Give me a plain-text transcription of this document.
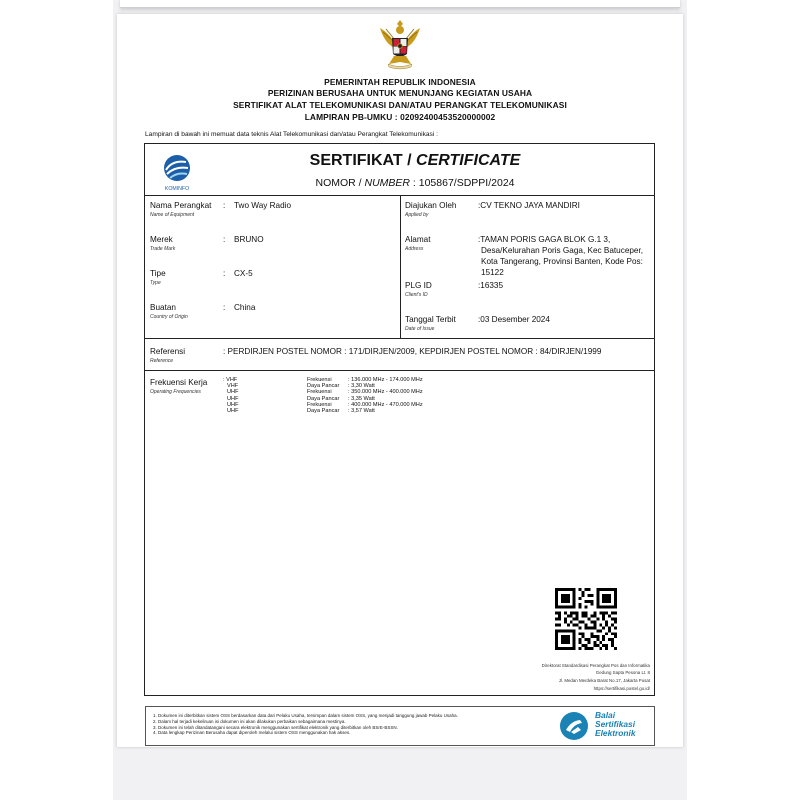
PEMERINTAH REPUBLIK INDONESIA
PERIZINAN BERUSAHA UNTUK MENUNJANG KEGIATAN USAHA
SERTIFIKAT ALAT TELEKOMUNIKASI DAN/ATAU PERANGKAT TELEKOMUNIKASI
LAMPIRAN PB-UMKU : 02092400453520000002
Lampiran di bawah ini memuat data teknis Alat Telekomunikasi dan/atau Perangkat Telekomunikasi :
KOMINFO
SERTIFIKAT / CERTIFICATE
NOMOR / NUMBER : 105867/SDPPI/2024
Nama Perangkat
Name of Equipment
: Two Way Radio
Merek
Trade Mark
: BRUNO
Tipe
Type
: CX-5
Buatan
Country of Origin
: China
Diajukan Oleh
Applied by
:CV TEKNO JAYA MANDIRI
Alamat
Address
:TAMAN PORIS GAGA BLOK G.1 3,
Desa/Kelurahan Poris Gaga, Kec Batuceper,
Kota Tangerang, Provinsi Banten, Kode Pos:
15122
PLG ID
Client's ID
:16335
Tanggal Terbit
Date of Issue
:03 Desember 2024
Referensi
Reference
: PERDIRJEN POSTEL NOMOR : 171/DIRJEN/2009, KEPDIRJEN POSTEL NOMOR : 84/DIRJEN/1999
Frekuensi Kerja
Operating Frequencies
: VHF
VHF
UHF
UHF
UHF
UHF
Frekuensi
Daya Pancar
Frekuensi
Daya Pancar
Frekuensi
Daya Pancar
: 136.000 MHz - 174.000 MHz
: 3,30 Watt
: 350.000 MHz - 400.000 MHz
: 3,35 Watt
: 400.000 MHz - 470.000 MHz
: 3,57 Watt
Direktorat Standardisasi Perangkat Pos dan Informatika
Gedung Sapta Pesona Lt. 8
Jl. Medan Merdeka Barat No.17, Jakarta Pusat
https://sertifikasi.postel.go.id/
1. Dokumen ini diterbitkan sistem OSS berdasarkan data dari Pelaku Usaha, tersimpan dalam sistem OSS, yang menjadi tanggung jawab Pelaku Usaha.
2. Dalam hal terjadi kekeliruan isi dokumen ini akan dilakukan perbaikan sebagaimana mestinya.
3. Dokumen ini telah ditandatangani secara elektronik menggunakan sertifikat elektronik yang diterbitkan oleh BSrE-BSSN.
4. Data lengkap Perizinan Berusaha dapat diperoleh melalui sistem OSS menggunakan hak akses.
Balai
Sertifikasi
Elektronik
